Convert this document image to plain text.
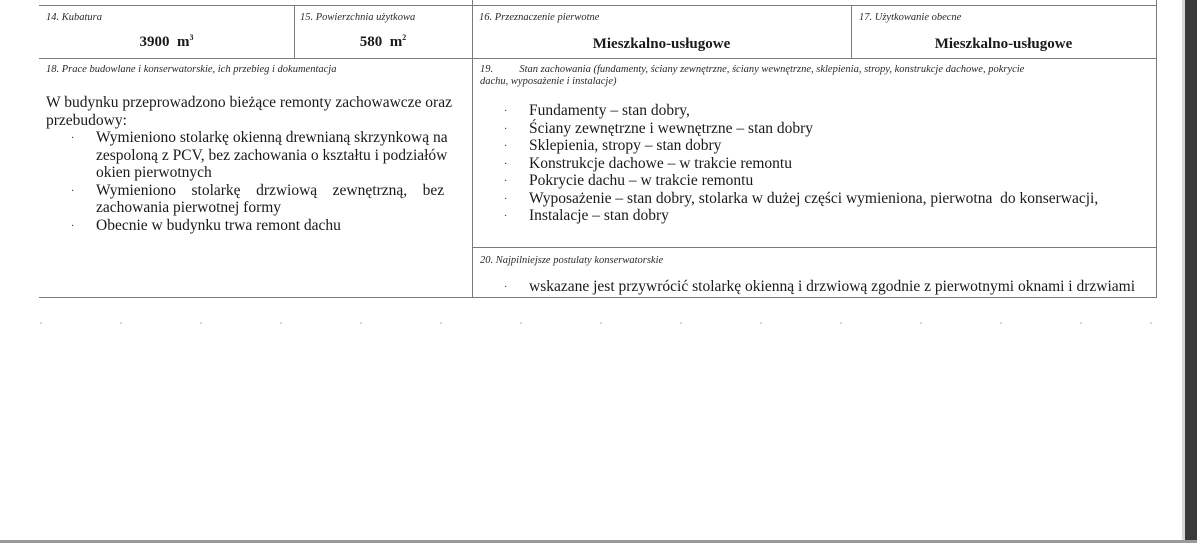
14. Kubatura
3900 $m^3$
15. Powierzchnia użytkowa
580 $m^2$
16. Przeznaczenie pierwotne
Mieszkalno-usługowe
17. Użytkowanie obecne
Mieszkalno-usługowe
18. Prace budowlane i konserwatorskie, ich przebieg i dokumentacja
W budynku przeprowadzono bieżące remonty zachowawcze oraz
przebudowy:
· Wymieniono stolarkę okienną drewnianą skrzynkową na
zespoloną z PCV, bez zachowania o kształtu i podziałów
okien pierwotnych
· Wymieniono    stolarkę    drzwiową    zewnętrzną,    bez
zachowania pierwotnej formy
· Obecnie w budynku trwa remont dachu
19.	Stan zachowania (fundamenty, ściany zewnętrzne, ściany wewnętrzne, sklepienia, stropy, konstrukcje dachowe, pokrycie
dachu, wyposażenie i instalacje)
· Fundamenty – stan dobry,
· Ściany zewnętrzne i wewnętrzne – stan dobry
· Sklepienia, stropy – stan dobry
· Konstrukcje dachowe – w trakcie remontu
· Pokrycie dachu – w trakcie remontu
· Wyposażenie – stan dobry, stolarka w dużej części wymieniona, pierwotna  do konserwacji,
· Instalacje – stan dobry
20. Najpilniejsze postulaty konserwatorskie
· wskazane jest przywrócić stolarkę okienną i drzwiową zgodnie z pierwotnymi oknami i drzwiami
